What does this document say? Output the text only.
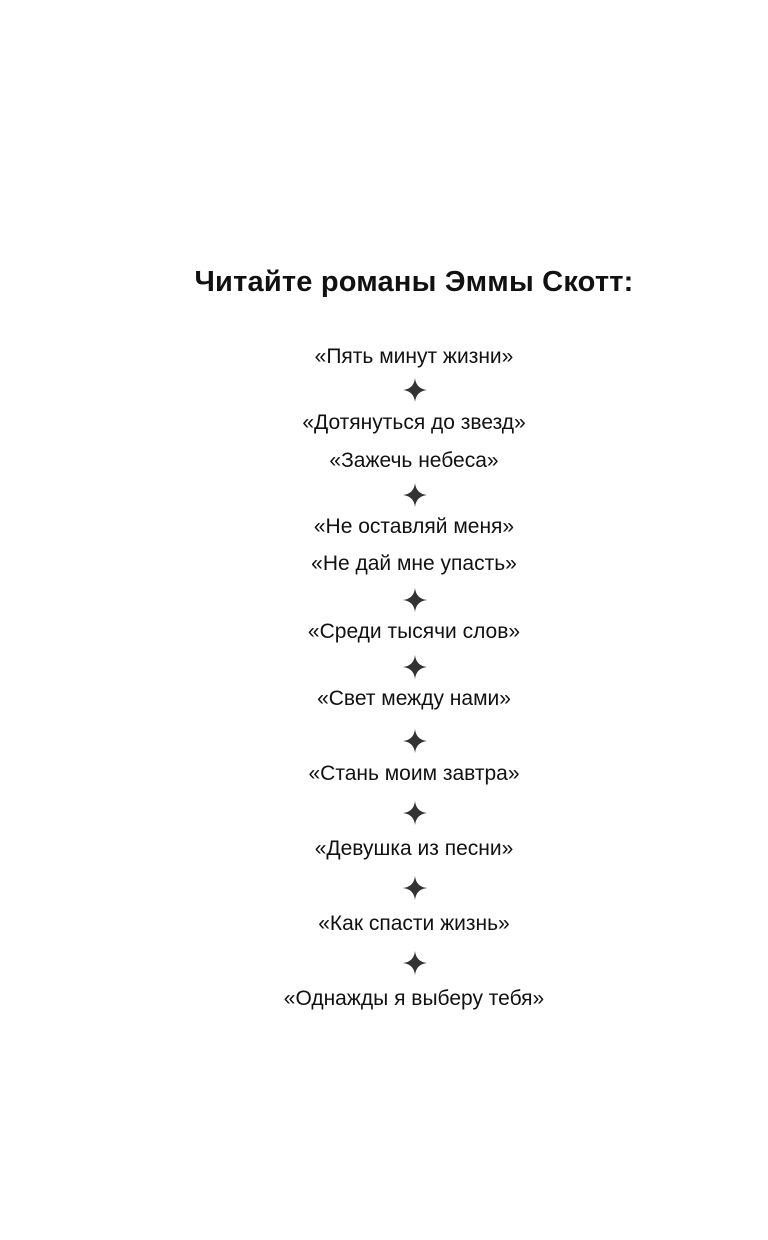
Читайте романы Эммы Скотт:
«Пять минут жизни»
«Дотянуться до звезд»
«Зажечь небеса»
«Не оставляй меня»
«Не дай мне упасть»
«Среди тысячи слов»
«Свет между нами»
«Стань моим завтра»
«Девушка из песни»
«Как спасти жизнь»
«Однажды я выберу тебя»
